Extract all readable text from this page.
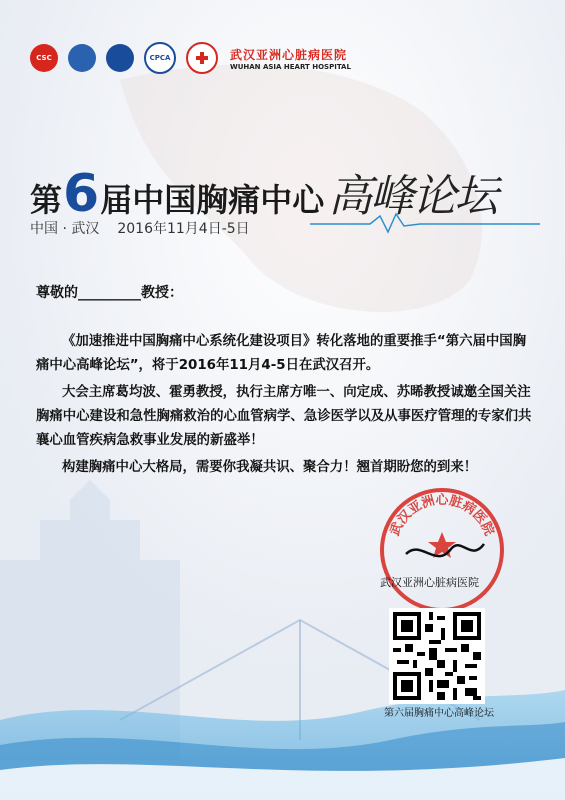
CSC	CPCA	武汉亚洲心脏病医院
WUHAN ASIA HEART HOSPITAL
第 6 届中国胸痛中心 高峰论坛
中国 · 武汉 2016年11月4日-5日
尊敬的_________教授：
《加速推进中国胸痛中心系统化建设项目》转化落地的重要推手“第六届中国胸痛中心高峰论坛”，将于2016年11月4-5日在武汉召开。
大会主席葛均波、霍勇教授，执行主席方唯一、向定成、苏晞教授诚邀全国关注胸痛中心建设和急性胸痛救治的心血管病学、急诊医学以及从事医疗管理的专家们共襄心血管疾病急救事业发展的新盛举！
构建胸痛中心大格局，需要你我凝共识、聚合力！翘首期盼您的到来！
武汉亚洲心脏病医院
武汉亚洲心脏病医院
第六届胸痛中心高峰论坛
